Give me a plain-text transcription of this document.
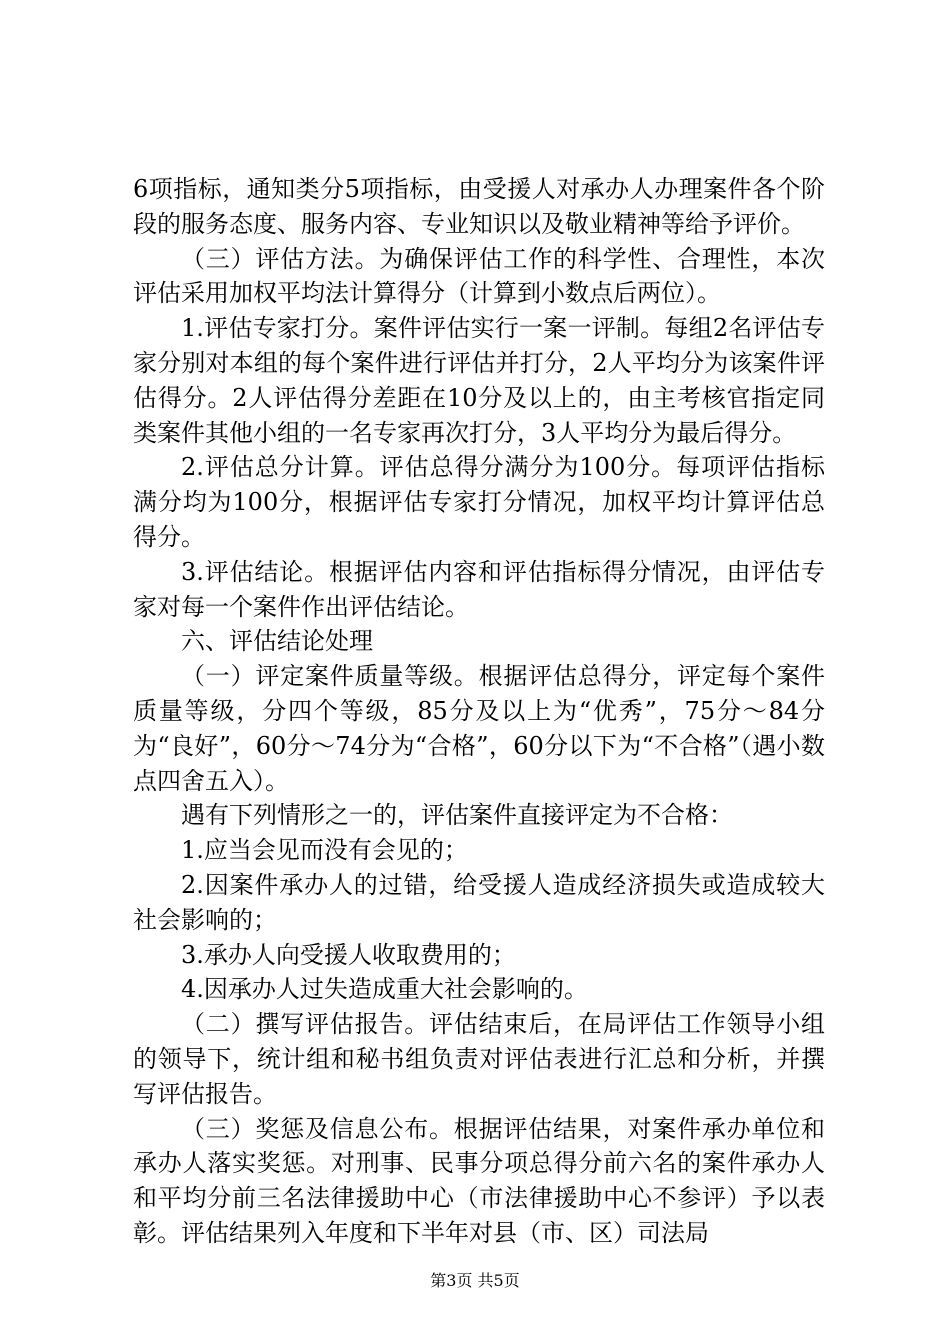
6项指标，通知类分5项指标，由受援人对承办人办理案件各个阶段的服务态度、服务内容、专业知识以及敬业精神等给予评价。

（三）评估方法。为确保评估工作的科学性、合理性，本次评估采用加权平均法计算得分（计算到小数点后两位）。

1.评估专家打分。案件评估实行一案一评制。每组2名评估专家分别对本组的每个案件进行评估并打分，2人平均分为该案件评估得分。2人评估得分差距在10分及以上的，由主考核官指定同类案件其他小组的一名专家再次打分，3人平均分为最后得分。

2.评估总分计算。评估总得分满分为100分。每项评估指标满分均为100分，根据评估专家打分情况，加权平均计算评估总得分。

3.评估结论。根据评估内容和评估指标得分情况，由评估专家对每一个案件作出评估结论。

六、评估结论处理

（一）评定案件质量等级。根据评估总得分，评定每个案件质量等级，分四个等级，85分及以上为“优秀”，75分～84分为“良好”，60分～74分为“合格”，60分以下为“不合格”（遇小数点四舍五入）。

遇有下列情形之一的，评估案件直接评定为不合格：

1.应当会见而没有会见的；

2.因案件承办人的过错，给受援人造成经济损失或造成较大社会影响的；

3.承办人向受援人收取费用的；

4.因承办人过失造成重大社会影响的。

（二）撰写评估报告。评估结束后，在局评估工作领导小组的领导下，统计组和秘书组负责对评估表进行汇总和分析，并撰写评估报告。

（三）奖惩及信息公布。根据评估结果，对案件承办单位和承办人落实奖惩。对刑事、民事分项总得分前六名的案件承办人和平均分前三名法律援助中心（市法律援助中心不参评）予以表彰。评估结果列入年度和下半年对县（市、区）司法局

第3页 共5页
